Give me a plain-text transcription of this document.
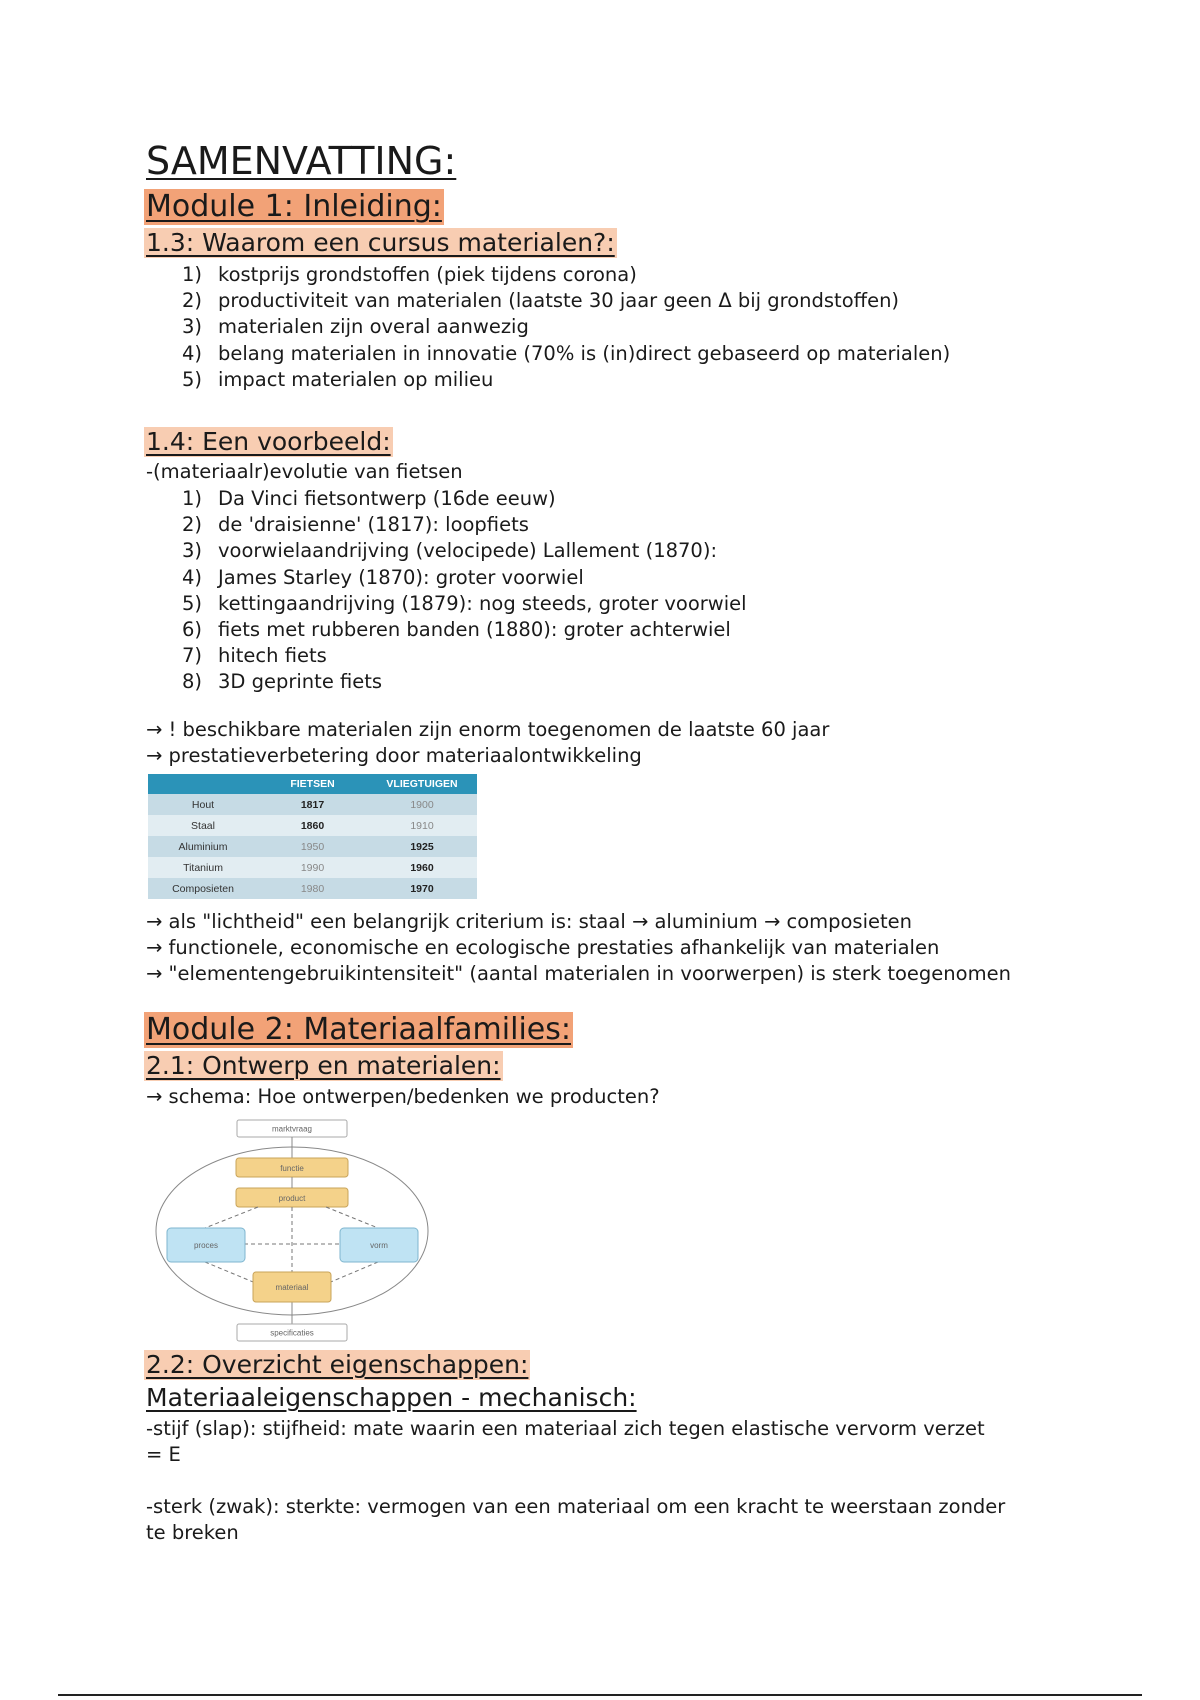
SAMENVATTING:
Module 1: Inleiding:
1.3: Waarom een cursus materialen?:
1) kostprijs grondstoffen (piek tijdens corona)
2) productiviteit van materialen (laatste 30 jaar geen Δ bij grondstoffen)
3) materialen zijn overal aanwezig
4) belang materialen in innovatie (70% is (in)direct gebaseerd op materialen)
5) impact materialen op milieu
1.4: Een voorbeeld:
-(materiaalr)evolutie van fietsen
1) Da Vinci fietsontwerp (16de eeuw)
2) de 'draisienne' (1817): loopfiets
3) voorwielaandrijving (velocipede) Lallement (1870):
4) James Starley (1870): groter voorwiel
5) kettingaandrijving (1879): nog steeds, groter voorwiel
6) fiets met rubberen banden (1880): groter achterwiel
7) hitech fiets
8) 3D geprinte fiets
→ ! beschikbare materialen zijn enorm toegenomen de laatste 60 jaar
→ prestatieverbetering door materiaalontwikkeling
	FIETSEN	VLIEGTUIGEN
Hout	1817	1900
Staal	1860	1910
Aluminium	1950	1925
Titanium	1990	1960
Composieten	1980	1970
→ als "lichtheid" een belangrijk criterium is: staal → aluminium → composieten
→ functionele, economische en ecologische prestaties afhankelijk van materialen
→ "elementengebruikintensiteit" (aantal materialen in voorwerpen) is sterk toegenomen
Module 2: Materiaalfamilies:
2.1: Ontwerp en materialen:
→ schema: Hoe ontwerpen/bedenken we producten?
marktvraag
functie
product
proces	vorm
materiaal
specificaties
2.2: Overzicht eigenschappen:
Materiaaleigenschappen - mechanisch:
-stijf (slap): stijfheid: mate waarin een materiaal zich tegen elastische vervorm verzet
= E
-sterk (zwak): sterkte: vermogen van een materiaal om een kracht te weerstaan zonder
te breken
